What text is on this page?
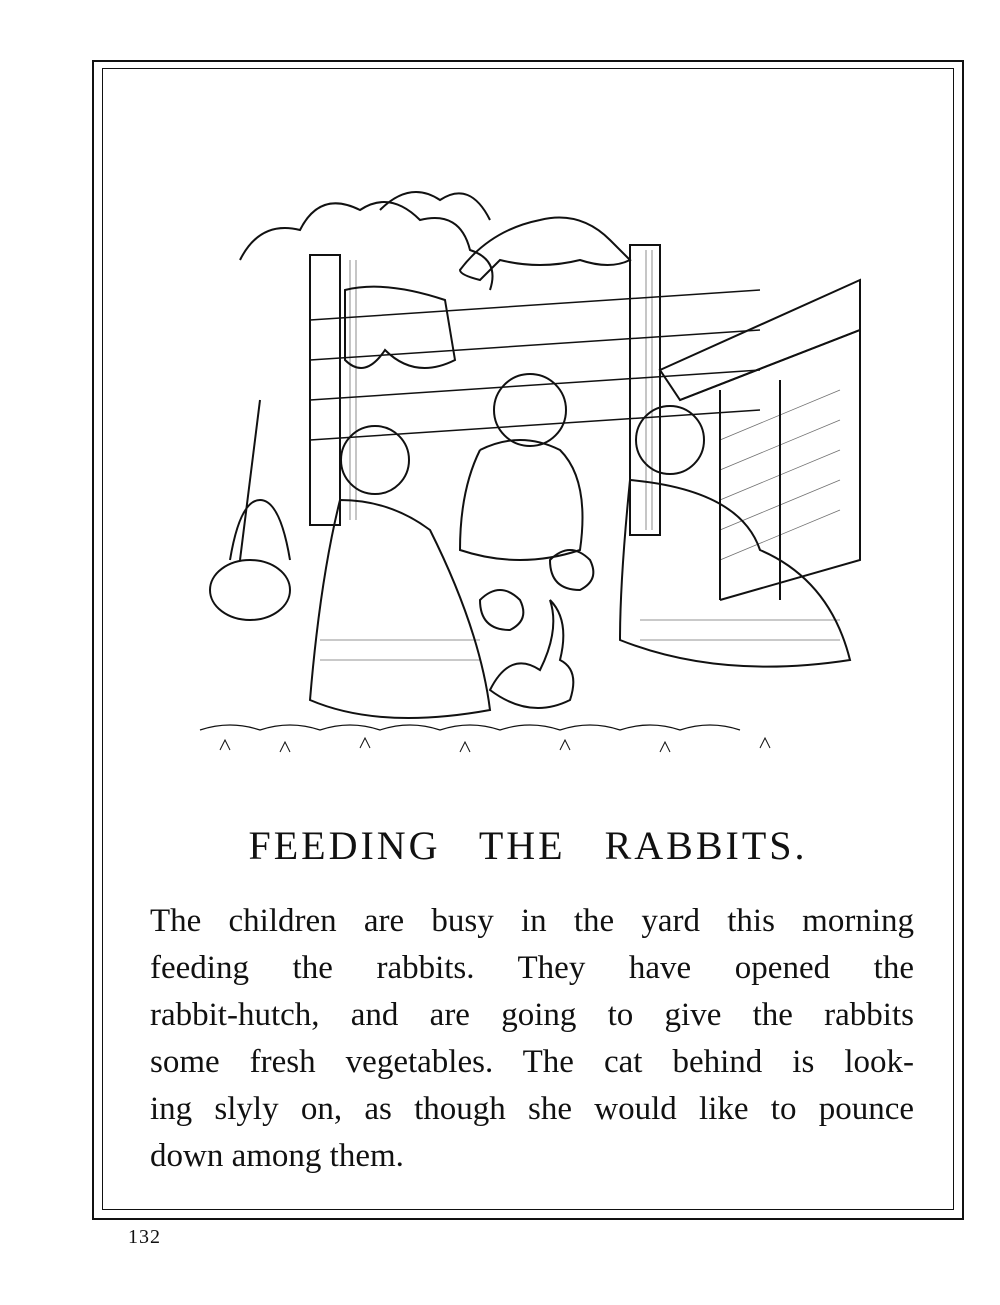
FEEDING THE RABBITS.
The children are busy in the yard this morning
feeding the rabbits. They have opened the
rabbit-hutch, and are going to give the rabbits
some fresh vegetables. The cat behind is look-
ing slyly on, as though she would like to pounce
down among them.
132
